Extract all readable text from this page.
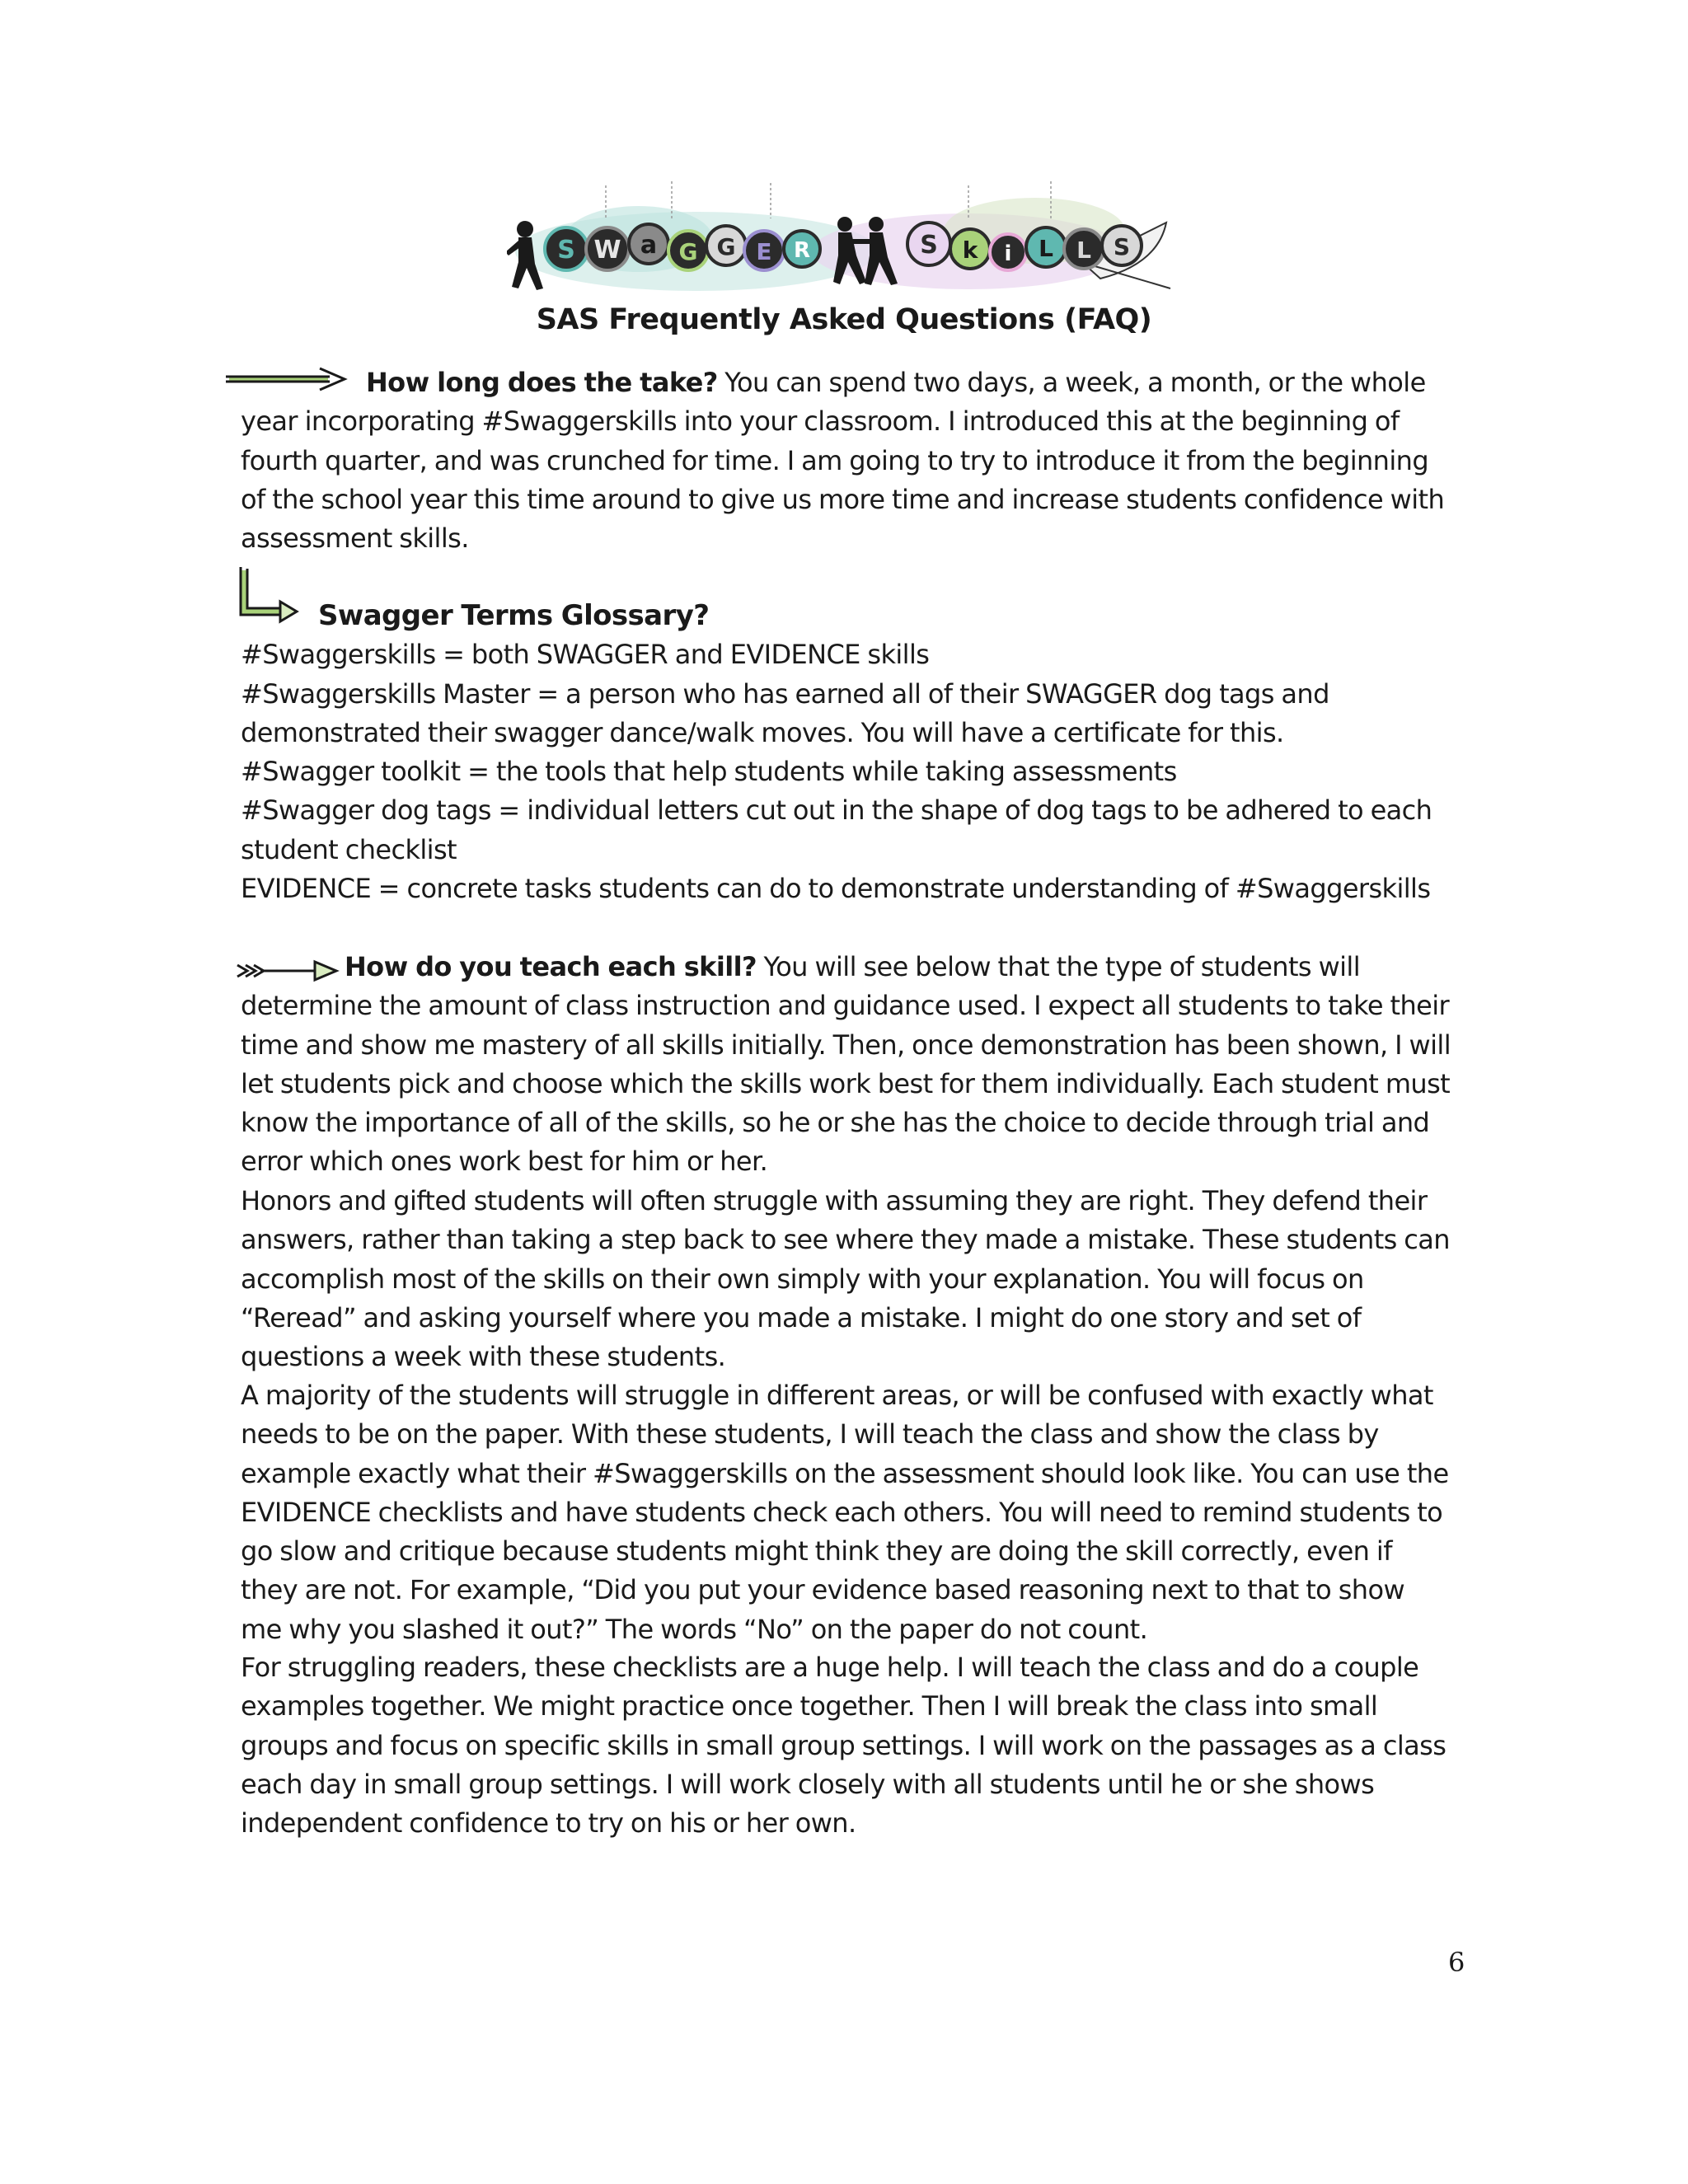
S W a G G E R	S k i L L S
SAS Frequently Asked Questions (FAQ)

How long does the take? You can spend two days, a week, a month, or the whole year incorporating #Swaggerskills into your classroom. I introduced this at the beginning of fourth quarter, and was crunched for time. I am going to try to introduce it from the beginning of the school year this time around to give us more time and increase students confidence with assessment skills.

Swagger Terms Glossary?

#Swaggerskills = both SWAGGER and EVIDENCE skills

#Swaggerskills Master = a person who has earned all of their SWAGGER dog tags and demonstrated their swagger dance/walk moves. You will have a certificate for this.

#Swagger toolkit = the tools that help students while taking assessments

#Swagger dog tags = individual letters cut out in the shape of dog tags to be adhered to each student checklist

EVIDENCE = concrete tasks students can do to demonstrate understanding of #Swaggerskills

How do you teach each skill? You will see below that the type of students will determine the amount of class instruction and guidance used. I expect all students to take their time and show me mastery of all skills initially. Then, once demonstration has been shown, I will let students pick and choose which the skills work best for them individually. Each student must know the importance of all of the skills, so he or she has the choice to decide through trial and error which ones work best for him or her.

Honors and gifted students will often struggle with assuming they are right. They defend their answers, rather than taking a step back to see where they made a mistake. These students can accomplish most of the skills on their own simply with your explanation. You will focus on “Reread” and asking yourself where you made a mistake. I might do one story and set of questions a week with these students.
A majority of the students will struggle in different areas, or will be confused with exactly what needs to be on the paper. With these students, I will teach the class and show the class by example exactly what their #Swaggerskills on the assessment should look like. You can use the EVIDENCE checklists and have students check each others. You will need to remind students to go slow and critique because students might think they are doing the skill correctly, even if they are not. For example, “Did you put your evidence based reasoning next to that to show me why you slashed it out?” The words “No” on the paper do not count.
For struggling readers, these checklists are a huge help. I will teach the class and do a couple examples together. We might practice once together. Then I will break the class into small groups and focus on specific skills in small group settings. I will work on the passages as a class each day in small group settings. I will work closely with all students until he or she shows independent confidence to try on his or her own.
6
